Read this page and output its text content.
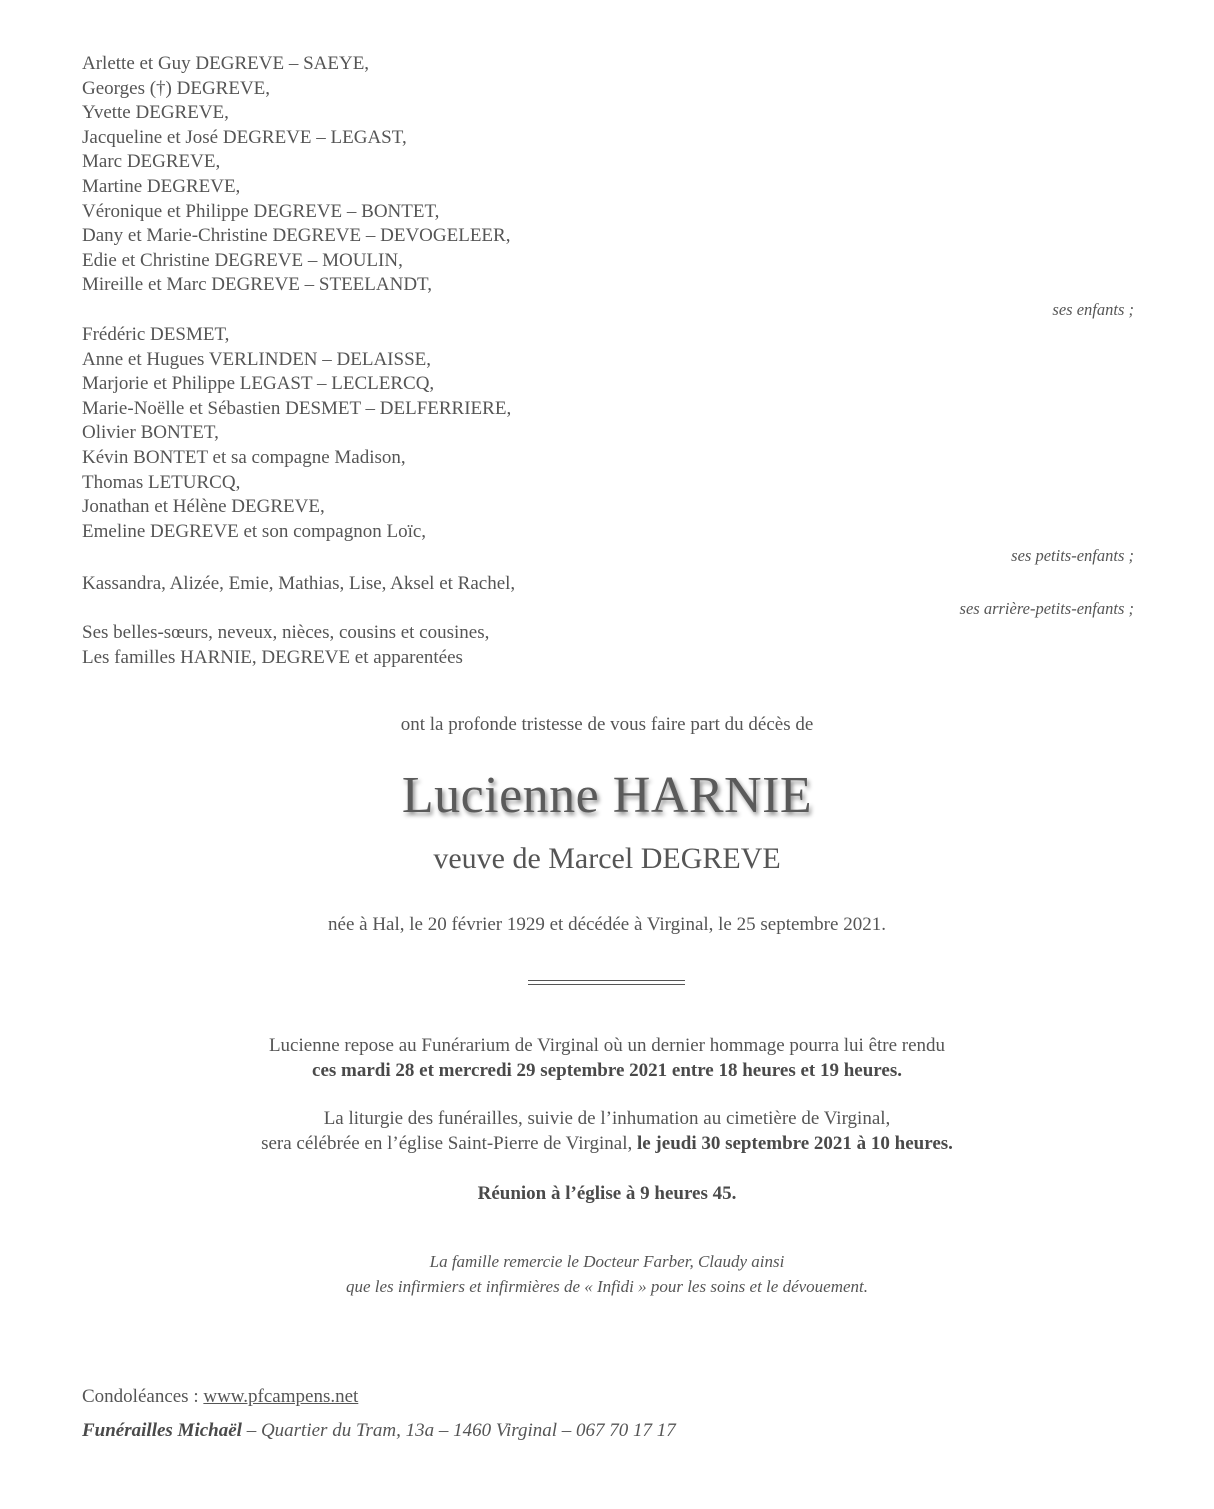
Arlette et Guy DEGREVE – SAEYE,
Georges (†) DEGREVE,
Yvette DEGREVE,
Jacqueline et José DEGREVE – LEGAST,
Marc DEGREVE,
Martine DEGREVE,
Véronique et Philippe DEGREVE – BONTET,
Dany et Marie-Christine DEGREVE – DEVOGELEER,
Edie et Christine DEGREVE – MOULIN,
Mireille et Marc DEGREVE – STEELANDT,
ses enfants ;
Frédéric DESMET,
Anne et Hugues VERLINDEN – DELAISSE,
Marjorie et Philippe LEGAST – LECLERCQ,
Marie-Noëlle et Sébastien DESMET – DELFERRIERE,
Olivier BONTET,
Kévin BONTET et sa compagne Madison,
Thomas LETURCQ,
Jonathan et Hélène DEGREVE,
Emeline DEGREVE et son compagnon Loïc,
ses petits-enfants ;
Kassandra, Alizée, Emie, Mathias, Lise, Aksel et Rachel,
ses arrière-petits-enfants ;
Ses belles-sœurs, neveux, nièces, cousins et cousines,
Les familles HARNIE, DEGREVE et apparentées
ont la profonde tristesse de vous faire part du décès de
Lucienne HARNIE
veuve de Marcel DEGREVE
née à Hal, le 20 février 1929 et décédée à Virginal, le 25 septembre 2021.
Lucienne repose au Funérarium de Virginal où un dernier hommage pourra lui être rendu
ces mardi 28 et mercredi 29 septembre 2021 entre 18 heures et 19 heures.
La liturgie des funérailles, suivie de l’inhumation au cimetière de Virginal,
sera célébrée en l’église Saint-Pierre de Virginal, le jeudi 30 septembre 2021 à 10 heures.
Réunion à l’église à 9 heures 45.
La famille remercie le Docteur Farber, Claudy ainsi
que les infirmiers et infirmières de « Infidi » pour les soins et le dévouement.
Condoléances : www.pfcampens.net
Funérailles Michaël – Quartier du Tram, 13a – 1460 Virginal – 067 70 17 17
